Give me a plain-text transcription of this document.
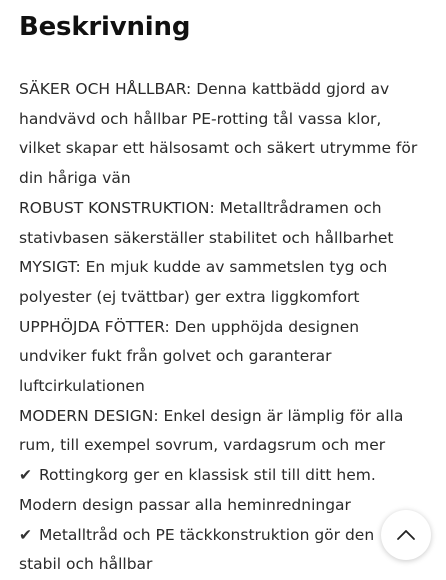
Beskrivning
SÄKER OCH HÅLLBAR: Denna kattbädd gjord av
handvävd och hållbar PE-rotting tål vassa klor,
vilket skapar ett hälsosamt och säkert utrymme för
din håriga vän
ROBUST KONSTRUKTION: Metalltrådramen och
stativbasen säkerställer stabilitet och hållbarhet
MYSIGT: En mjuk kudde av sammetslen tyg och
polyester (ej tvättbar) ger extra liggkomfort
UPPHÖJDA FÖTTER: Den upphöjda designen
undviker fukt från golvet och garanterar
luftcirkulationen
MODERN DESIGN: Enkel design är lämplig för alla
rum, till exempel sovrum, vardagsrum och mer
✔ Rottingkorg ger en klassisk stil till ditt hem.
Modern design passar alla heminredningar
✔ Metalltråd och PE täckkonstruktion gör den
stabil och hållbar
